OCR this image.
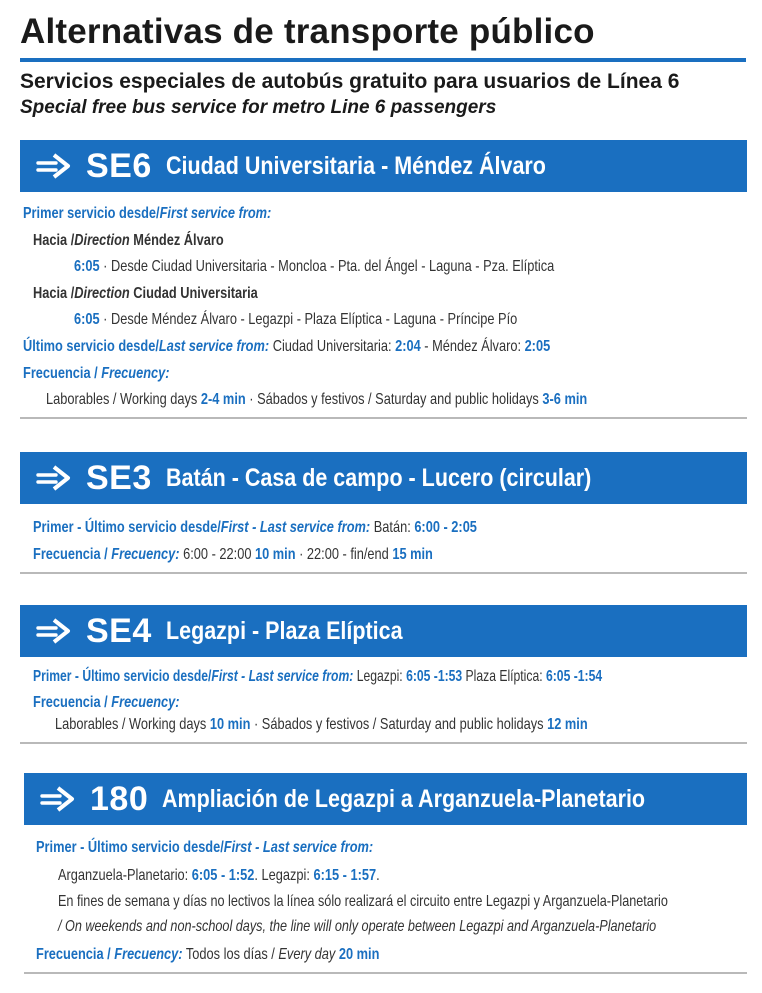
Alternativas de transporte público
Servicios especiales de autobús gratuito para usuarios de Línea 6
Special free bus service for metro Line 6 passengers
SE6 Ciudad Universitaria - Méndez Álvaro
Primer servicio desde/First service from:
Hacia /Direction Méndez Álvaro
6:05 · Desde Ciudad Universitaria - Moncloa - Pta. del Ángel - Laguna - Pza. Elíptica
Hacia /Direction Ciudad Universitaria
6:05 · Desde Méndez Álvaro - Legazpi - Plaza Elíptica - Laguna - Príncipe Pío
Último servicio desde/Last service from: Ciudad Universitaria: 2:04 - Méndez Álvaro: 2:05
Frecuencia / Frecuency:
Laborables / Working days 2-4 min · Sábados y festivos / Saturday and public holidays 3-6 min
SE3 Batán - Casa de campo - Lucero (circular)
Primer - Último servicio desde/First - Last service from: Batán: 6:00 - 2:05
Frecuencia / Frecuency: 6:00 - 22:00 10 min · 22:00 - fin/end 15 min
SE4 Legazpi - Plaza Elíptica
Primer - Último servicio desde/First - Last service from: Legazpi: 6:05 -1:53 Plaza Elíptica: 6:05 -1:54
Frecuencia / Frecuency:
Laborables / Working days 10 min · Sábados y festivos / Saturday and public holidays 12 min
180 Ampliación de Legazpi a Arganzuela-Planetario
Primer - Último servicio desde/First - Last service from:
Arganzuela-Planetario: 6:05 - 1:52. Legazpi: 6:15 - 1:57.
En fines de semana y días no lectivos la línea sólo realizará el circuito entre Legazpi y Arganzuela-Planetario
/ On weekends and non-school days, the line will only operate between Legazpi and Arganzuela-Planetario
Frecuencia / Frecuency: Todos los días / Every day 20 min
